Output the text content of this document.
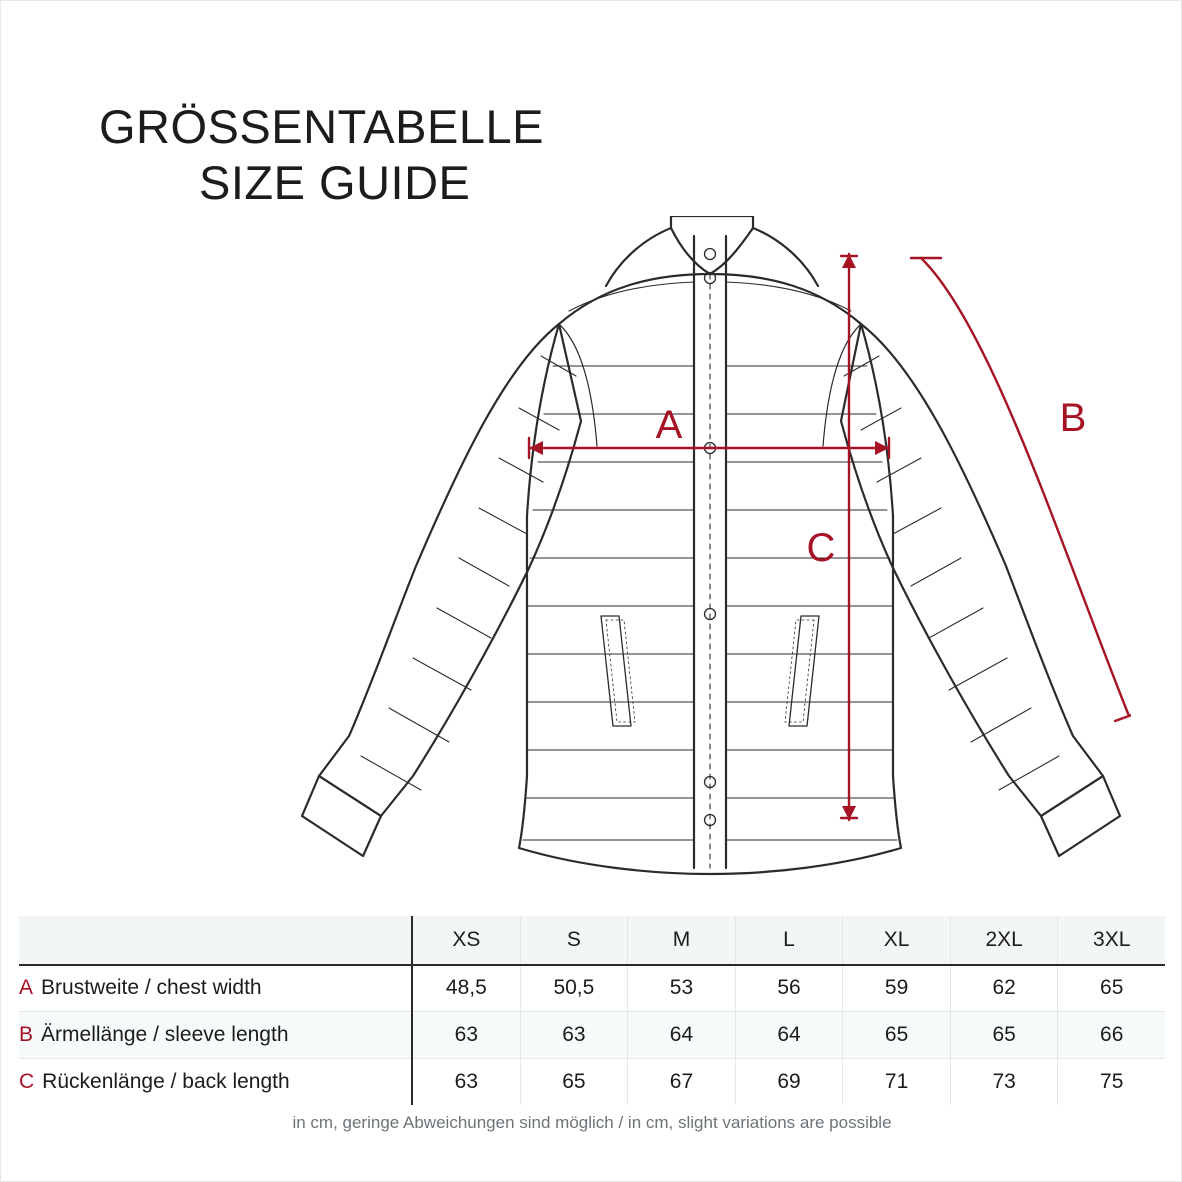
GRÖSSENTABELLE
SIZE GUIDE
A
C
B
	XS	S	M	L	XL	2XL	3XL
A Brustweite / chest width	48,5	50,5	53	56	59	62	65
B Ärmellänge / sleeve length	63	63	64	64	65	65	66
C Rückenlänge / back length	63	65	67	69	71	73	75
in cm, geringe Abweichungen sind möglich / in cm, slight variations are possible
